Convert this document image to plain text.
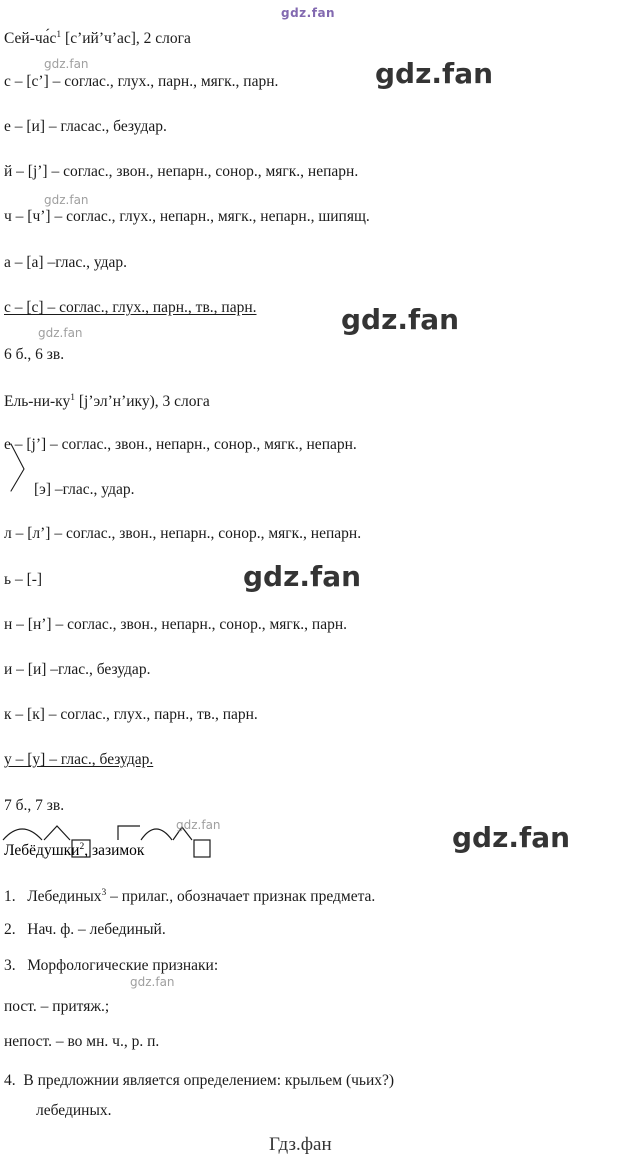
gdz.fan
Сей-$ча́с^1$ [с’ий’ч’ас], 2 слога
с – [с’] – соглас., глух., парн., мягк., парн.
е – [и] – гласас., безудар.
й – [j’] – соглас., звон., непарн., сонор., мягк., непарн.
ч – [ч’] – соглас., глух., непарн., мягк., непарн., шипящ.
а – [а] –глас., удар.
с – [с] – соглас., глух., парн., тв., парн.
6 б., 6 зв.
Ель-$ни-ку^1$ [j’эл’н’ику), 3 слога
е – [j’] – соглас., звон., непарн., сонор., мягк., непарн.
[э] –глас., удар.
л – [л’] – соглас., звон., непарн., сонор., мягк., непарн.
ь – [-]
н – [н’] – соглас., звон., непарн., сонор., мягк., парн.
и – [и] –глас., безудар.
к – [к] – соглас., глух., парн., тв., парн.
у – [у] – глас., безудар.
7 б., 7 зв.
Лебёдушки$^2$, зазимок
1. Лебединых$^3$ – прилаг., обозначает признак предмета.
2. Нач. ф. – лебединый.
3. Морфологические признаки:
пост. – притяж.;
непост. – во мн. ч., р. п.
4. В предложнии является определением: крыльем (чьих?)
лебединых.
gdz.fan	gdz.fan
gdz.fan
gdz.fan
gdz.fan
gdz.fan
gdz.fan	gdz.fan
gdz.fan
Гдз.фан
